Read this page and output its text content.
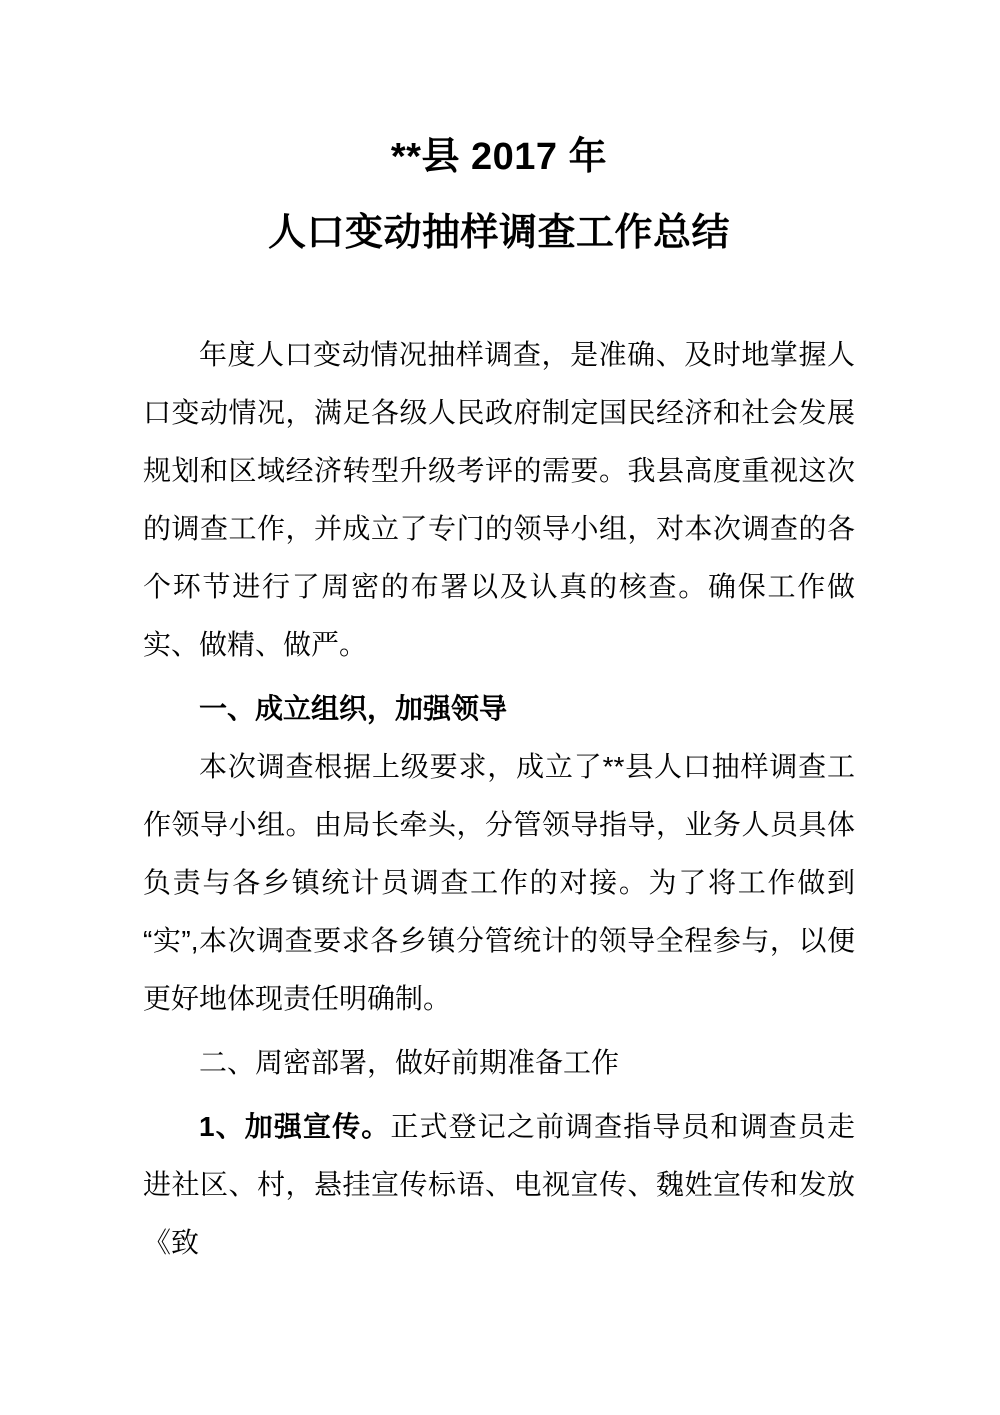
**县 2017 年
人口变动抽样调查工作总结

年度人口变动情况抽样调查，是准确、及时地掌握人口变动情况，满足各级人民政府制定国民经济和社会发展规划和区域经济转型升级考评的需要。我县高度重视这次的调查工作，并成立了专门的领导小组，对本次调查的各个环节进行了周密的布署以及认真的核查。确保工作做实、做精、做严。

一、成立组织，加强领导

本次调查根据上级要求，成立了**县人口抽样调查工作领导小组。由局长牵头，分管领导指导，业务人员具体负责与各乡镇统计员调查工作的对接。为了将工作做到“实”,本次调查要求各乡镇分管统计的领导全程参与，以便更好地体现责任明确制。

二、周密部署，做好前期准备工作

1、加强宣传。正式登记之前调查指导员和调查员走进社区、村，悬挂宣传标语、电视宣传、魏姓宣传和发放《致
